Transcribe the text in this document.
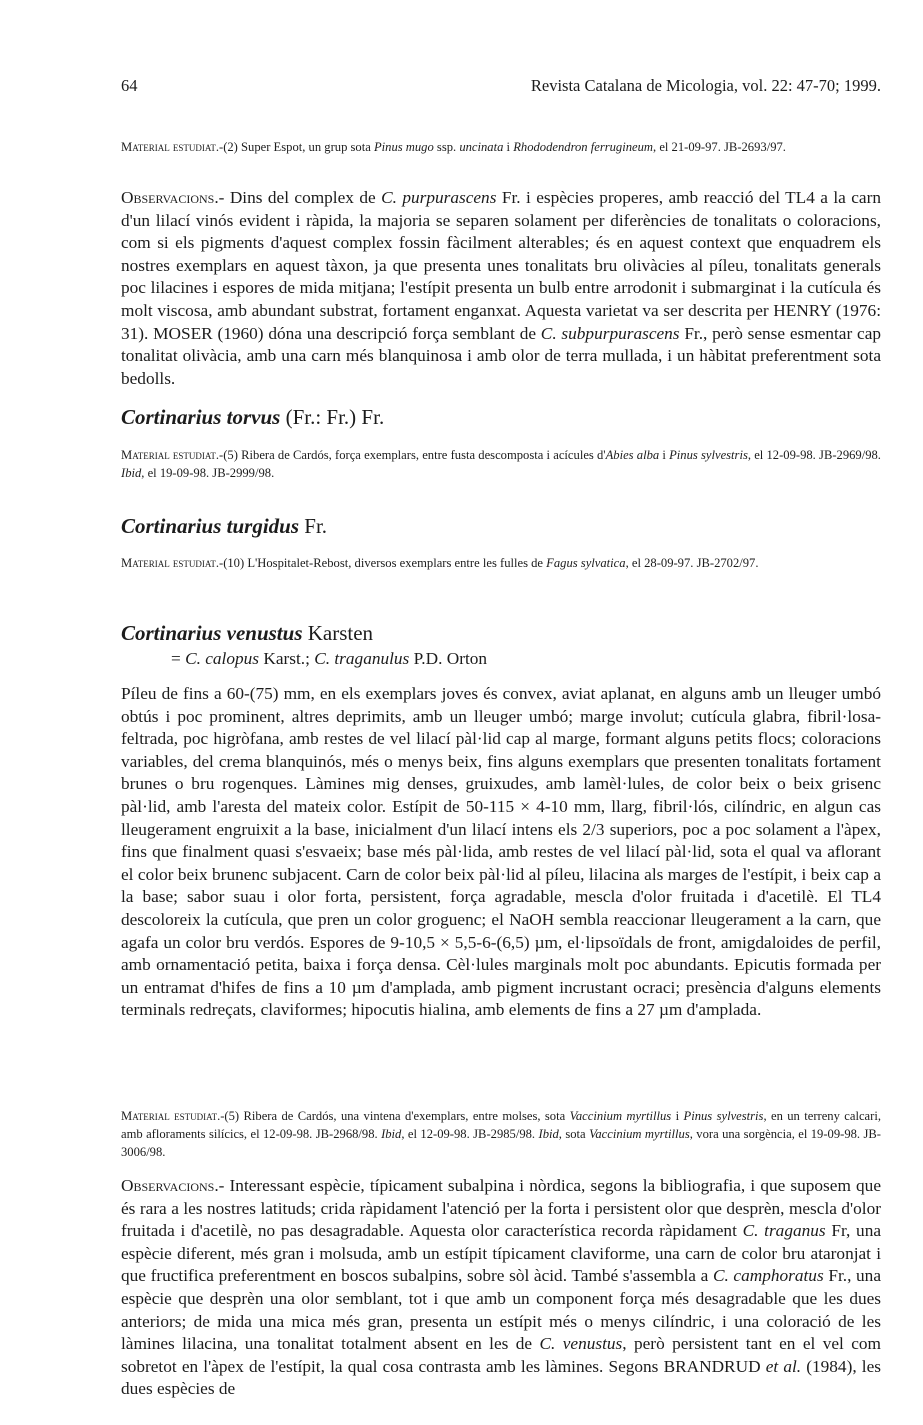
64	Revista Catalana de Micologia, vol. 22: 47-70; 1999.

Material estudiat.-(2) Super Espot, un grup sota Pinus mugo ssp. uncinata i Rhododendron ferrugineum, el 21-09-97. JB-2693/97.

Observacions.- Dins del complex de C. purpurascens Fr. i espècies properes, amb reacció del TL4 a la carn d'un lilací vinós evident i ràpida, la majoria se separen solament per diferències de tonalitats o coloracions, com si els pigments d'aquest complex fossin fàcilment alterables; és en aquest context que enquadrem els nostres exemplars en aquest tàxon, ja que presenta unes tonalitats bru olivàcies al píleu, tonalitats generals poc lilacines i espores de mida mitjana; l'estípit presenta un bulb entre arrodonit i submarginat i la cutícula és molt viscosa, amb abundant substrat, fortament enganxat. Aquesta varietat va ser descrita per HENRY (1976: 31). MOSER (1960) dóna una descripció força semblant de C. subpurpurascens Fr., però sense esmentar cap tonalitat olivàcia, amb una carn més blanquinosa i amb olor de terra mullada, i un hàbitat preferentment sota bedolls.

Cortinarius torvus (Fr.: Fr.) Fr.

Material estudiat.-(5) Ribera de Cardós, força exemplars, entre fusta descomposta i acícules d'Abies alba i Pinus sylvestris, el 12-09-98. JB-2969/98. Ibid, el 19-09-98. JB-2999/98.

Cortinarius turgidus Fr.

Material estudiat.-(10) L'Hospitalet-Rebost, diversos exemplars entre les fulles de Fagus sylvatica, el 28-09-97. JB-2702/97.

Cortinarius venustus Karsten
= C. calopus Karst.; C. traganulus P.D. Orton

Píleu de fins a 60-(75) mm, en els exemplars joves és convex, aviat aplanat, en alguns amb un lleuger umbó obtús i poc prominent, altres deprimits, amb un lleuger umbó; marge involut; cutícula glabra, fibril·losa-feltrada, poc higròfana, amb restes de vel lilací pàl·lid cap al marge, formant alguns petits flocs; coloracions variables, del crema blanquinós, més o menys beix, fins alguns exemplars que presenten tonalitats fortament brunes o bru rogenques. Làmines mig denses, gruixudes, amb lamèl·lules, de color beix o beix grisenc pàl·lid, amb l'aresta del mateix color. Estípit de 50-115 × 4-10 mm, llarg, fibril·lós, cilíndric, en algun cas lleugerament engruixit a la base, inicialment d'un lilací intens els 2/3 superiors, poc a poc solament a l'àpex, fins que finalment quasi s'esvaeix; base més pàl·lida, amb restes de vel lilací pàl·lid, sota el qual va aflorant el color beix brunenc subjacent. Carn de color beix pàl·lid al píleu, lilacina als marges de l'estípit, i beix cap a la base; sabor suau i olor forta, persistent, força agradable, mescla d'olor fruitada i d'acetilè. El TL4 descoloreix la cutícula, que pren un color groguenc; el NaOH sembla reaccionar lleugerament a la carn, que agafa un color bru verdós. Espores de 9-10,5 × 5,5-6-(6,5) µm, el·lipsoïdals de front, amigdaloides de perfil, amb ornamentació petita, baixa i força densa. Cèl·lules marginals molt poc abundants. Epicutis formada per un entramat d'hifes de fins a 10 µm d'amplada, amb pigment incrustant ocraci; presència d'alguns elements terminals redreçats, claviformes; hipocutis hialina, amb elements de fins a 27 µm d'amplada.

Material estudiat.-(5) Ribera de Cardós, una vintena d'exemplars, entre molses, sota Vaccinium myrtillus i Pinus sylvestris, en un terreny calcari, amb afloraments silícics, el 12-09-98. JB-2968/98. Ibid, el 12-09-98. JB-2985/98. Ibid, sota Vaccinium myrtillus, vora una sorgència, el 19-09-98. JB-3006/98.

Observacions.- Interessant espècie, típicament subalpina i nòrdica, segons la bibliografia, i que suposem que és rara a les nostres latituds; crida ràpidament l'atenció per la forta i persistent olor que desprèn, mescla d'olor fruitada i d'acetilè, no pas desagradable. Aquesta olor característica recorda ràpidament C. traganus Fr, una espècie diferent, més gran i molsuda, amb un estípit típicament claviforme, una carn de color bru ataronjat i que fructifica preferentment en boscos subalpins, sobre sòl àcid. També s'assembla a C. camphoratus Fr., una espècie que desprèn una olor semblant, tot i que amb un component força més desagradable que les dues anteriors; de mida una mica més gran, presenta un estípit més o menys cilíndric, i una coloració de les làmines lilacina, una tonalitat totalment absent en les de C. venustus, però persistent tant en el vel com sobretot en l'àpex de l'estípit, la qual cosa contrasta amb les làmines. Segons BRANDRUD et al. (1984), les dues espècies de
